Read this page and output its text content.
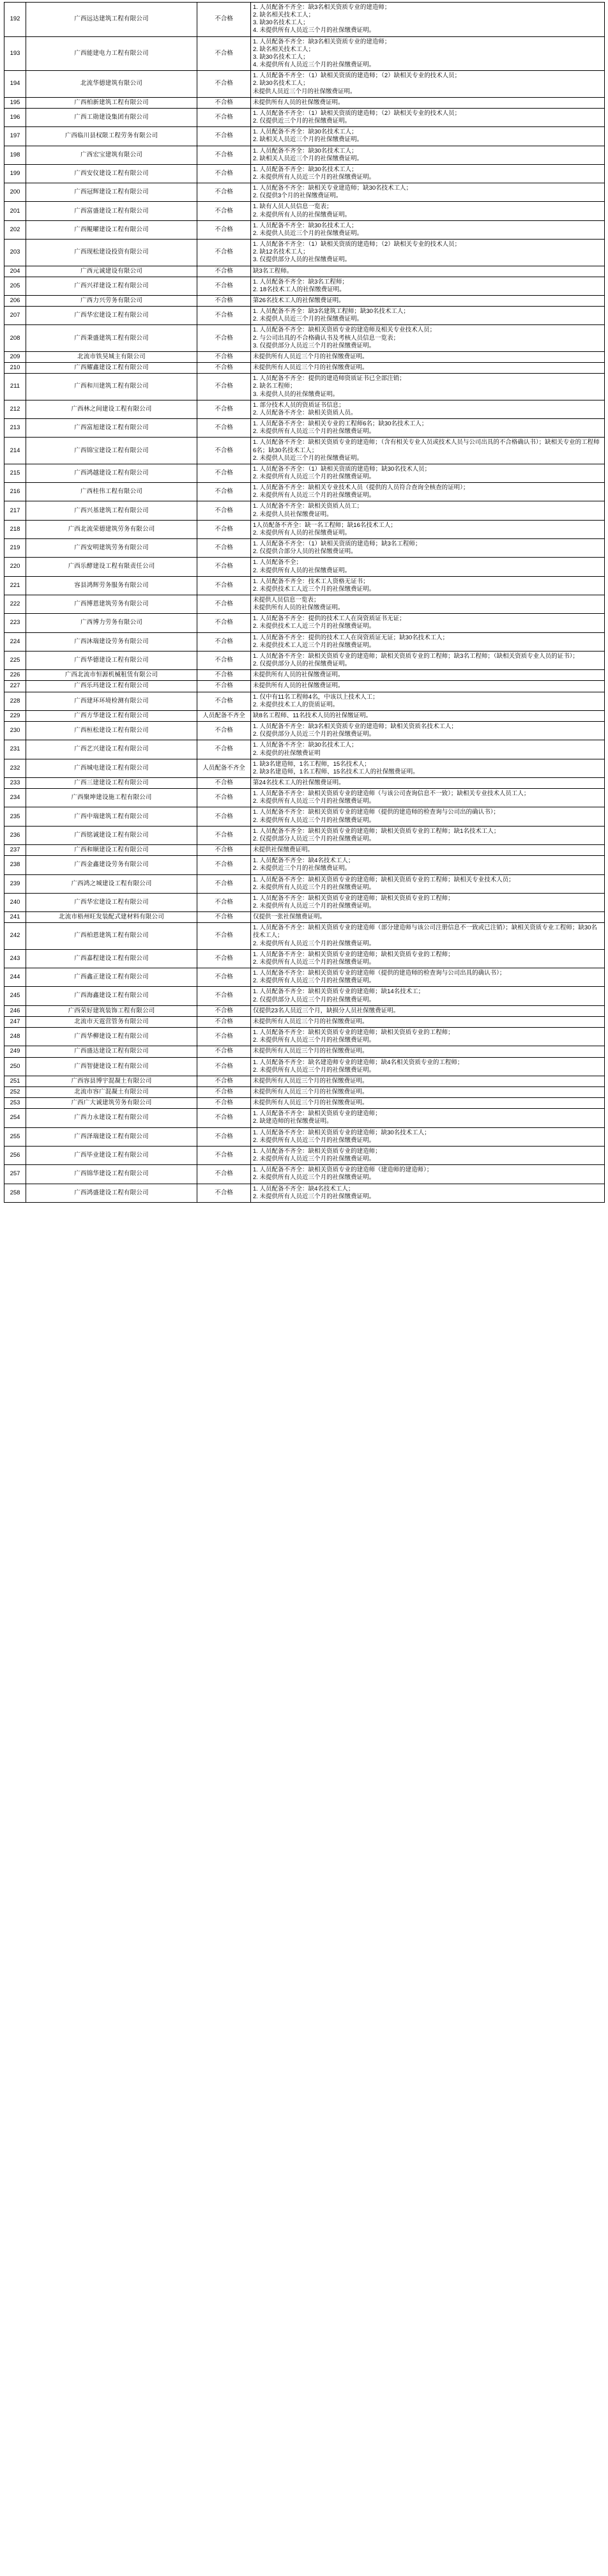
192	广西远达建筑工程有限公司	不合格	1. 人员配备不齐全：缺3名相关资质专业的建造师；
2. 缺名相关技术工人；
3. 缺30名技术工人；
4. 未提供所有人员近三个月的社保缴费证明。

193	广西能建电力工程有限公司	不合格	1. 人员配备不齐全：缺3名相关资质专业的建造师；
2. 缺名相关技术工人；
3. 缺30名技术工人；
4. 未提供所有人员近三个月的社保缴费证明。

194	北流华德建筑有限公司	不合格	1. 人员配备不齐全：（1）缺相关资质的建造师；（2）缺相关专业的技术人员；
2. 缺30名技术工人；
未提供人员近三个月的社保缴费证明。

195	广西柏新建筑工程有限公司	不合格	未提供所有人员的社保缴费证明。

196	广西工勋建设集团有限公司	不合格	1. 人员配备不齐全：（1）缺相关资质的建造师；（2）缺相关专业的技术人员；
2. 仅提供近三个月的社保缴费证明。

197	广西临川县权限工程劳务有限公司	不合格	1. 人员配备不齐全：缺30名技术工人；
2. 缺相关人员近三个月的社保缴费证明。

198	广西宏宝建筑有限公司	不合格	1. 人员配备不齐全：缺30名技术工人；
2. 缺相关人员近三个月的社保缴费证明。

199	广西安仪建设工程有限公司	不合格	1. 人员配备不齐全：缺30名技术工人；
2. 未提供所有人员近三个月的社保缴费证明。

200	广西冠辉建设工程有限公司	不合格	1. 人员配备不齐全：缺相关专业建造师；缺30名技术工人；
2. 仅提供3个月的社保缴费证明。

201	广西富盛建设工程有限公司	不合格	1. 缺有人员人员信息一览表；
2. 未提供所有人员的社保缴费证明。

202	广西鲲曜建设工程有限公司	不合格	1. 人员配备不齐全：缺30名技术工人；
2. 未提供人员近三个月的社保缴费证明。

203	广西现松建设投资有限公司	不合格	1. 人员配备不齐全：（1）缺相关资质的建造师；（2）缺相关专业的技术人员；
2. 缺12名技术工人；
3. 仅提供部分人员的社保缴费证明。

204	广西元诚建设有限公司	不合格	缺3名工程师。

205	广西兴祥建设工程有限公司	不合格	1. 人员配备不齐全：缺3名工程师；
2. 18名技术工人的社保缴费证明。

206	广西力兴劳务有限公司	不合格	第26名技术工人的社保缴费证明。

207	广西华宏建设工程有限公司	不合格	1. 人员配备不齐全：缺3名建筑工程师；缺30名技术工人；
2. 未提供人员近三个月的社保缴费证明。

208	广西秉盛建筑工程有限公司	不合格	1. 人员配备不齐全：缺相关资质专业的建造师及相关专业技术人员；
2. 与公司出具的不合格确认书及考核人员信息一览表；
3. 仅提供部分人员近三个月的社保缴费证明。

209	北流市铁昊城主有限公司	不合格	未提供所有人员近三个月的社保缴费证明。

210	广西耀鑫建设工程有限公司	不合格	未提供所有人员近三个月的社保缴费证明。

211	广西和川建筑工程有限公司	不合格	1. 人员配备不齐全：提供的建造师资质证书已全部注销；
2. 缺名工程师；
3. 未提供人员的社保缴费证明。

212	广西林之间建设工程有限公司	不合格	1. 部分技术人员的资质证书信息；
2. 人员配备不齐全：缺相关资质人员。

213	广西富旭建设工程有限公司	不合格	1. 人员配备不齐全：缺相关专业的工程师6名；缺30名技术工人；
2. 未提供所有人员近三个月的社保缴费证明。

214	广西锦宝建设工程有限公司	不合格	1. 人员配备不齐全：缺相关资质专业的建造师；（含有相关专业人员或技术人员与公司出具的不合格确认书）；缺相关专业的工程师6名；缺30名技术工人；
2. 未提供人员近三个月的社保缴费证明。

215	广西鸿越建设工程有限公司	不合格	1. 人员配备不齐全：（1）缺相关资质的建造师；缺30名技术人员；
2. 未提供所有人员近三个月的社保缴费证明。

216	广西桂伟工程有限公司	不合格	1. 人员配备不齐全：缺相关专业技术人员（提供的人员符合查询全核查的证明）；
2. 未提供所有人员近三个月的社保缴费证明。

217	广西兴基建筑工程有限公司	不合格	1. 人员配备不齐全：缺相关资质人员工；
2. 未提供人员社保缴费证明。

218	广西北流荣德建筑劳务有限公司	不合格	1人员配备不齐全：缺一名工程师；缺16名技术工人；
2. 未提供所有人员的社保缴费证明。

219	广西安明建筑劳务有限公司	不合格	1. 人员配备不齐全：（1）缺相关资质的建造师；缺3名工程师；
2. 仅提供合部分人员的社保缴费证明。

220	广西乐酵建设工程有限责任公司	不合格	1. 人员配备不全；
2. 未提供所有人员的社保缴费证明。

221	容县鸿辉劳务服务有限公司	不合格	1. 人员配备不齐全：技术工人资格无证书；
2. 未提供技术工人近三个月的社保缴费证明。

222	广西博恩建筑劳务有限公司	不合格	未提供人员信息一览表；
未提供所有人员的社保缴费证明。

223	广西博力劳务有限公司	不合格	1. 人员配备不齐全：提供的技术工人在岗资质证书无证；
2. 未提供技术工人近三个月的社保缴费证明。

224	广西沐瑞建设劳务有限公司	不合格	1. 人员配备不齐全：提供的技术工人在岗资质证无证；缺30名技术工人；
2. 未提供技术工人近三个月的社保缴费证明。

225	广西华德建设工程有限公司	不合格	1. 人员配备不齐全：缺相关资质专业的建造师；缺相关资质专业的工程师；缺3名工程师；（缺相关资质专业人员的证书）；
2. 仅提供部分人员的社保缴费证明。

226	广西北流市恒源机械租赁有限公司	不合格	未提供所有人员的社保缴费证明。

227	广西乐玛建设工程有限公司	不合格	未提供所有人员的社保缴费证明。

228	广西建环环境检测有限公司	不合格	1. 仅中有11名工程师4名，中该以上技术人工；
2. 未提供技术工人的资质证明。

229	广西方华建设工程有限公司	人员配备不齐全	缺8名工程师、11名技术人员的社保缴证明。

230	广西桓松建设工程有限公司	不合格	1. 人员配备不齐全：缺3名相关资质专业的建造师；缺相关资质名技术工人；
2. 仅提供部分人员近三个月的社保缴费证明。

231	广西艺兴建设工程有限公司	不合格	1. 人员配备不齐全：缺30名技术工人；
2. 未提供的社保缴费证明

232	广西城电建设工程有限公司	人员配备不齐全	1. 缺3名建造师，1名工程师，15名技术人；
2. 缺3名建造师，1名工程师、15名技术工人的社保缴费证明。

233	广西三建建设工程有限公司	不合格	第24名技术工人的社保缴费证明。

234	广西聚坤建设施工程有限公司	不合格	1. 人员配备不齐全：缺相关资质专业的建造师（与该公司查询信息不一致）；缺相关专业技术人员工人；
2. 未提供所有人员近三个月的社保缴费证明。

235	广西中瑞建筑工程有限公司	不合格	1. 人员配备不齐全：缺相关资质专业的建造师（提供的建造师的检查询与公司出的确认书）；
2. 未提供所有人员近三个月的社保缴费证明。

236	广西铭诚建设工程有限公司	不合格	1. 人员配备不齐全：缺相关资质专业的建造师；缺相关资质专业的工程师；缺1名技术工人；
2. 仅提供部分人员近三个月的社保缴费证明。

237	广西和顺建设工程有限公司	不合格	未提供社保缴费证明。

238	广西金鑫建设劳务有限公司	不合格	1. 人员配备不齐全：缺4名技术工人；
2. 未提供近三个月的社保缴费证明。

239	广西鸿之城建设工程有限公司	不合格	1. 人员配备不齐全：缺相关资质专业的建造师；缺相关资质专业的工程师；缺相关专业技术人员；
2. 未提供所有人员近三个月的社保缴费证明。

240	广西华宏建设工程有限公司	不合格	1. 人员配备不齐全：缺相关资质专业的建造师；缺相关资质专业的工程师；
2. 未提供所有人员近三个月的社保缴费证明。

241	北流市梧州旺发装配式建材料有限公司	不合格	仅提供一张社保缴费证明。

242	广西柏恩建筑工程有限公司	不合格	1. 人员配备不齐全：缺相关资质专业的建造师（部分建造师与该公司注册信息不一致或已注销）；缺相关资质专业工程师；缺30名技术工人；
2. 未提供所有人员近三个月的社保缴费证明。

243	广西嘉程建设工程有限公司	不合格	1. 人员配备不齐全：缺相关资质专业的建造师；缺相关资质专业的工程师；
2. 未提供所有人员近三个月的社保缴费证明。

244	广西鑫正建设工程有限公司	不合格	1. 人员配备不齐全：缺相关资质专业的建造师（提供的建造师的检查询与公司出具的确认书）；
2. 未提供所有人员近三个月的社保缴费证明。

245	广西海鑫建设工程有限公司	不合格	1. 人员配备不齐全：缺相关资质专业的建造师；缺14名技术工；
2. 仅提供部分人员近三个月的社保缴费证明。

246	广西荣好建筑装饰工程有限公司	不合格	仅提供23名人员近三个月，缺损分人员社保缴费证明。

247	北流市天霆营管务有限公司	不合格	未提供所有人员近三个月的社保缴费证明。

248	广西华柳建设工程有限公司	不合格	1. 人员配备不齐全：缺相关资质专业的建造师；缺相关资质专业的工程师；
2. 未提供所有人员近三个月的社保缴费证明。

249	广西盛达建设工程有限公司	不合格	未提供所有人员近三个月的社保缴费证明。

250	广西智捷建设工程有限公司	不合格	1. 人员配备不齐全：缺名建造师专业的建造师；缺4名相关资质专业的工程师；
2. 未提供所有人员近三个月的社保缴费证明。

251	广西容县博宇混凝土有限公司	不合格	未提供所有人员近三个月的社保缴费证明。

252	北流市容广混凝土有限公司	不合格	未提供所有人员近三个月的社保缴费证明。

253	广西广大诚建筑劳务有限公司	不合格	未提供所有人员近三个月的社保缴费证明。

254	广西力永建设工程有限公司	不合格	1. 人员配备不齐全：缺相关资质专业的建造师；
2. 缺建造师的社保缴费证明。

255	广西泽瑞建设工程有限公司	不合格	1. 人员配备不齐全：缺相关资质专业的建造师；缺30名技术工人；
2. 未提供所有人员近三个月的社保缴费证明。

256	广西毕业建设工程有限公司	不合格	1. 人员配备不齐全：缺相关资质专业的建造师；
2. 未提供所有人员近三个月的社保缴费证明。

257	广西锦华建设工程有限公司	不合格	1. 人员配备不齐全：缺相关资质专业的建造师（建造师的建造师）；
2. 未提供所有人员近三个月的社保缴费证明。

258	广西鸿盛建设工程有限公司	不合格	1. 人员配备不齐全：缺4名技术工人；
2. 未提供所有人员近三个月的社保缴费证明。
